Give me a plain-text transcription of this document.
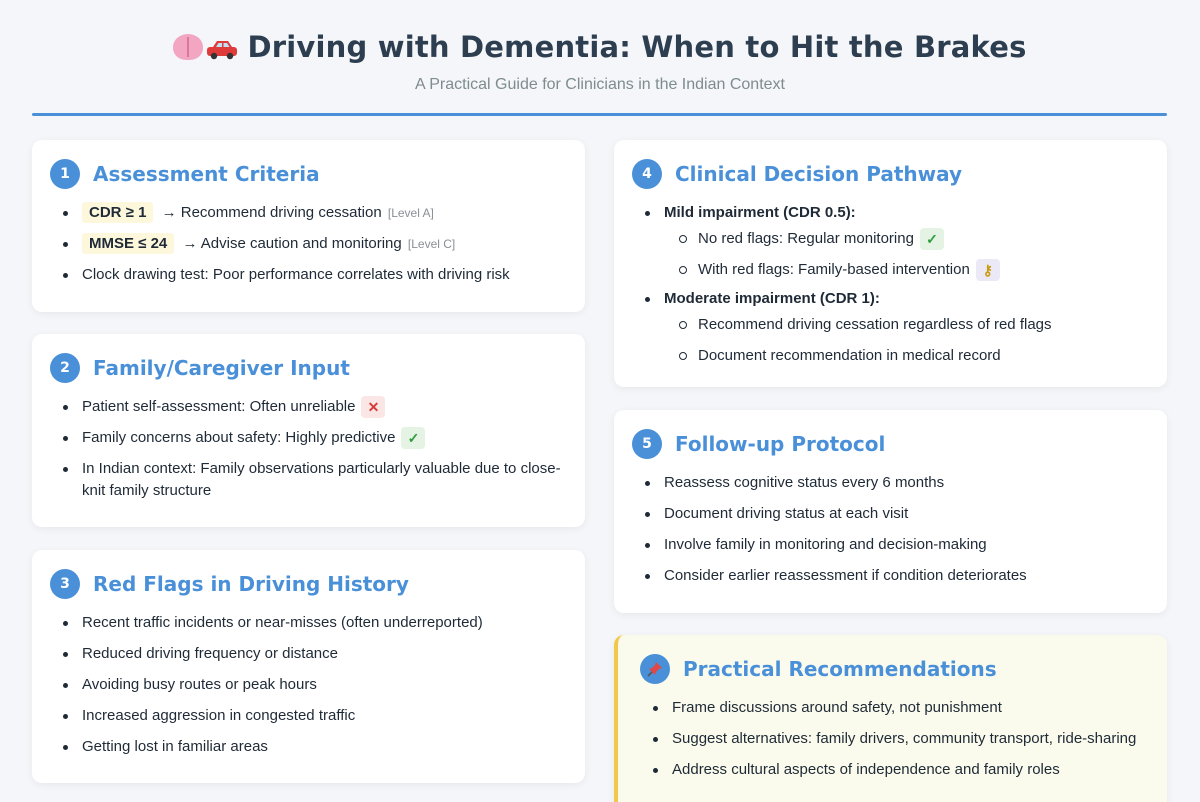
Driving with Dementia: When to Hit the Brakes
A Practical Guide for Clinicians in the Indian Context
1	Assessment Criteria
CDR ≥ 1 → Recommend driving cessation [Level A]
MMSE ≤ 24 → Advise caution and monitoring [Level C]
Clock drawing test: Poor performance correlates with driving risk
2	Family/Caregiver Input
Patient self-assessment: Often unreliable ✕
Family concerns about safety: Highly predictive ✓
In Indian context: Family observations particularly valuable due to close-knit family structure
3	Red Flags in Driving History
Recent traffic incidents or near-misses (often underreported)
Reduced driving frequency or distance
Avoiding busy routes or peak hours
Increased aggression in congested traffic
Getting lost in familiar areas
4	Clinical Decision Pathway
Mild impairment (CDR 0.5):
No red flags: Regular monitoring ✓
With red flags: Family-based intervention ⚷
Moderate impairment (CDR 1):
Recommend driving cessation regardless of red flags
Document recommendation in medical record
5	Follow-up Protocol
Reassess cognitive status every 6 months
Document driving status at each visit
Involve family in monitoring and decision-making
Consider earlier reassessment if condition deteriorates
Practical Recommendations
Frame discussions around safety, not punishment
Suggest alternatives: family drivers, community transport, ride-sharing
Address cultural aspects of independence and family roles
